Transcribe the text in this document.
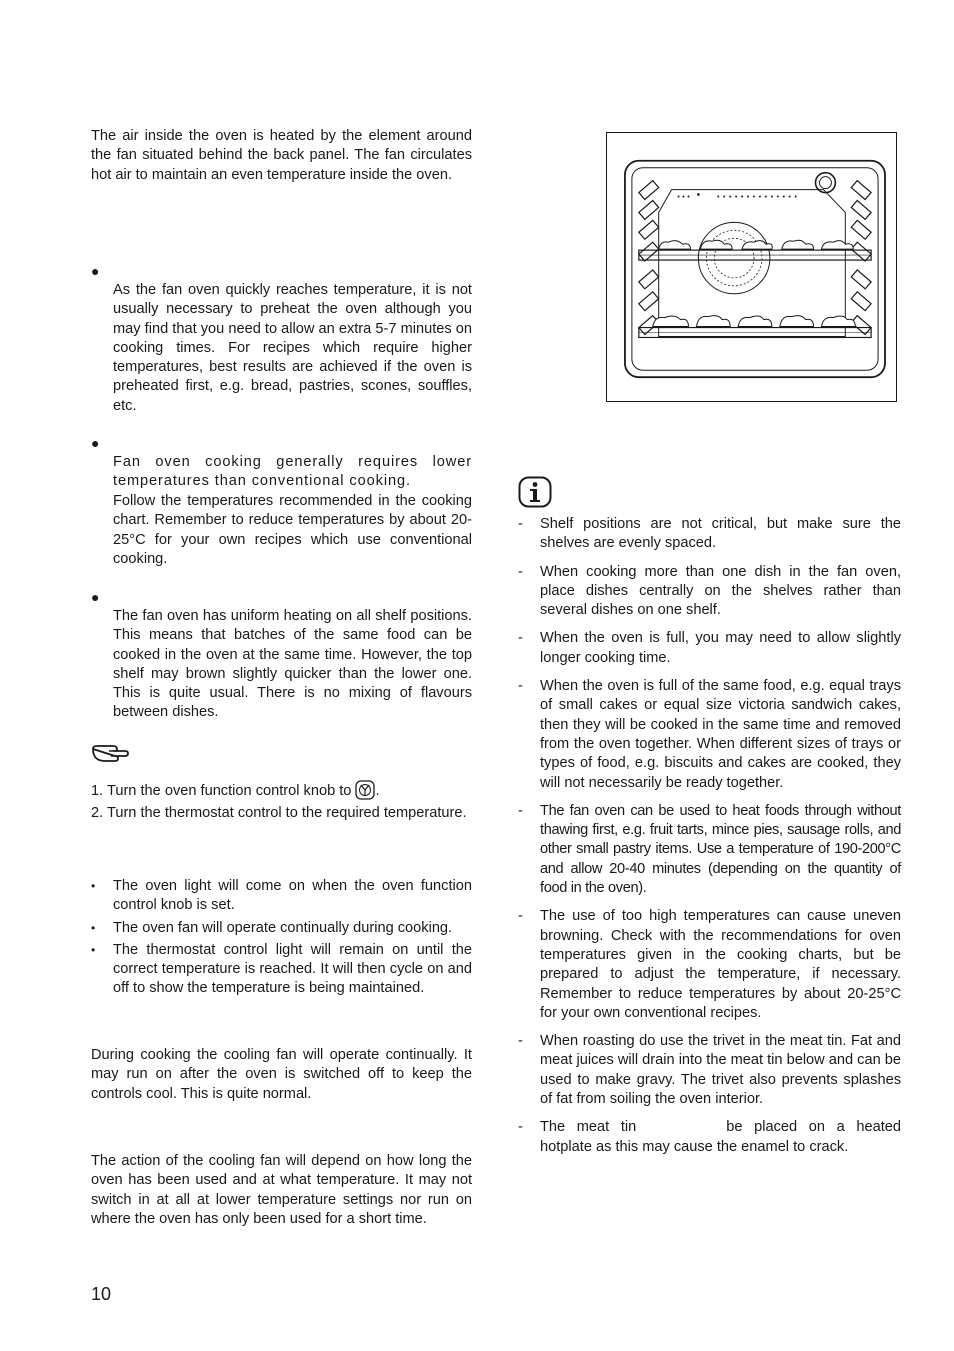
The air inside the oven is heated by the element around the fan situated behind the back panel. The fan circulates hot air to maintain an even temperature inside the oven.

●
As the fan oven quickly reaches temperature, it is not usually necessary to preheat the oven although you may find that you need to allow an extra 5-7 minutes on cooking times. For recipes which require higher temperatures, best results are achieved if the oven is preheated first, e.g. bread, pastries, scones, souffles, etc.
●
Fan oven cooking generally requires lower temperatures than conventional cooking.
Follow the temperatures recommended in the cooking chart. Remember to reduce temperatures by about 20-25°C for your own recipes which use conventional cooking.
●
The fan oven has uniform heating on all shelf positions. This means that batches of the same food can be cooked in the oven at the same time. However, the top shelf may brown slightly quicker than the lower one. This is quite usual. There is no mixing of flavours between dishes.
1. Turn the oven function control knob to .
2. Turn the thermostat control to the required temperature.
• The oven light will come on when the oven function control knob is set.
• The oven fan will operate continually during cooking.
• The thermostat control light will remain on until the correct temperature is reached. It will then cycle on and off to show the temperature is being maintained.

During cooking the cooling fan will operate continually. It may run on after the oven is switched off to keep the controls cool. This is quite normal.

The action of the cooling fan will depend on how long the oven has been used and at what temperature. It may not switch in at all at lower temperature settings nor run on where the oven has only been used for a short time.

10
- Shelf positions are not critical, but make sure the shelves are evenly spaced.
- When cooking more than one dish in the fan oven, place dishes centrally on the shelves rather than several dishes on one shelf.
- When the oven is full, you may need to allow slightly longer cooking time.
- When the oven is full of the same food, e.g. equal trays of small cakes or equal size victoria sandwich cakes, then they will be cooked in the same time and removed from the oven together. When different sizes of trays or types of food, e.g. biscuits and cakes are cooked, they will not necessarily be ready together.
- The fan oven can be used to heat foods through without thawing first, e.g. fruit tarts, mince pies, sausage rolls, and other small pastry items. Use a temperature of 190-200°C and allow 20-40 minutes (depending on the quantity of food in the oven).
- The use of too high temperatures can cause uneven browning. Check with the recommendations for oven temperatures given in the cooking charts, but be prepared to adjust the temperature, if necessary. Remember to reduce temperatures by about 20-25°C for your own conventional recipes.
- When roasting do use the trivet in the meat tin. Fat and meat juices will drain into the meat tin below and can be used to make gravy. The trivet also prevents splashes of fat from soiling the oven interior.
- The meat tin	be placed on a heated hotplate as this may cause the enamel to crack.
